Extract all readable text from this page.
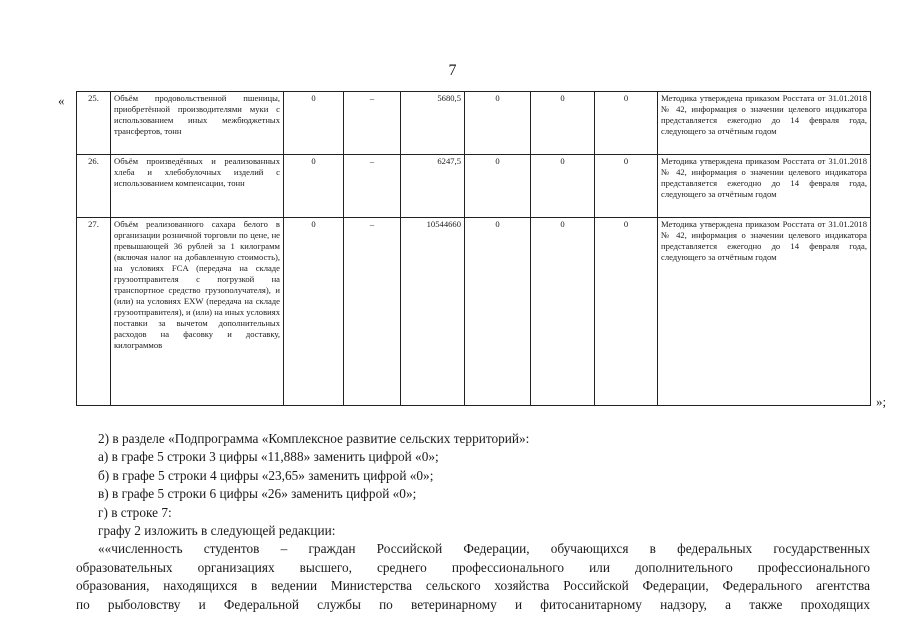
7
«
»;
25.	Объём продовольственной пшеницы, приобретённой производителями муки с использованием иных межбюджетных трансфертов, тонн	0	–	5680,5	0	0	0	Методика утверждена приказом Росстата от 31.01.2018 № 42, информация о значении целевого индикатора представляется ежегодно до 14 февраля года, следующего за отчётным годом
26.	Объём произведённых и реализованных хлеба и хлебобулочных изделий с использованием компенсации, тонн	0	–	6247,5	0	0	0	Методика утверждена приказом Росстата от 31.01.2018 № 42, информация о значении целевого индикатора представляется ежегодно до 14 февраля года, следующего за отчётным годом
27.	Объём реализованного сахара белого в организации розничной торговли по цене, не превышающей 36 рублей за 1 килограмм (включая налог на добавленную стоимость), на условиях FCA (передача на складе грузоотправителя с погрузкой на транспортное средство грузополучателя), и (или) на условиях EXW (передача на складе грузоотправителя), и (или) на иных условиях поставки за вычетом дополнительных расходов на фасовку и доставку, килограммов	0	–	10544660	0	0	0	Методика утверждена приказом Росстата от 31.01.2018 № 42, информация о значении целевого индикатора представляется ежегодно до 14 февраля года, следующего за отчётным годом

2) в разделе «Подпрограмма «Комплексное развитие сельских территорий»:

а) в графе 5 строки 3 цифры «11,888» заменить цифрой «0»;

б) в графе 5 строки 4 цифры «23,65» заменить цифрой «0»;

в) в графе 5 строки 6 цифры «26» заменить цифрой «0»;

г) в строке 7:

графу 2 изложить в следующей редакции:

««численность студентов – граждан Российской Федерации, обучающихся в федеральных государственных

образовательных организациях высшего, среднего профессионального или дополнительного профессионального

образования, находящихся в ведении Министерства сельского хозяйства Российской Федерации, Федерального агентства

по рыболовству и Федеральной службы по ветеринарному и фитосанитарному надзору, а также проходящих
